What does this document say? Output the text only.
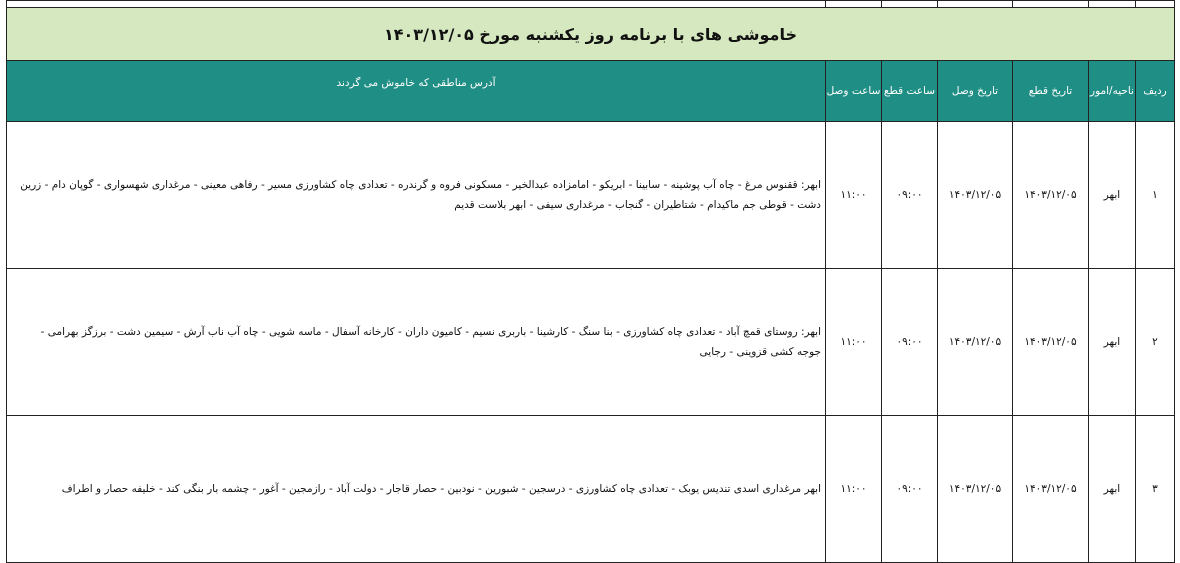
خاموشی های با برنامه روز یکشنبه مورخ ۱۴۰۳/۱۲/۰۵						
ردیف	ناحیه/امور	تاریخ قطع	تاریخ وصل	ساعت قطع	ساعت وصل	آدرس مناطقی که خاموش می گردند
۱	ابهر	۱۴۰۳/۱۲/۰۵	۱۴۰۳/۱۲/۰۵	۰۹:۰۰	۱۱:۰۰	ابهر: ققنوس مرغ - چاه آب پوشینه - سابینا - ابریکو - امامزاده عبدالخیر - مسکونی فروه و گرندره - تعدادی چاه کشاورزی مسیر - رفاهی معینی - مرغداری شهسواری - گوپان دام - زرین دشت - قوطی جم ماکیدام - شتاطیران - گنجاب - مرغداری سیفی - ابهر بلاست قدیم
۲	ابهر	۱۴۰۳/۱۲/۰۵	۱۴۰۳/۱۲/۰۵	۰۹:۰۰	۱۱:۰۰	ابهر: روستای قمچ آباد - تعدادی چاه کشاورزی - بنا سنگ - کارشینا - باربری نسیم - کامیون داران - کارخانه آسفال - ماسه شویی - چاه آب ناب آرش - سیمین دشت - برزگز بهرامی - جوجه کشی قزوینی - رجایی
۳	ابهر	۱۴۰۳/۱۲/۰۵	۱۴۰۳/۱۲/۰۵	۰۹:۰۰	۱۱:۰۰	ابهر مرغداری اسدی تندیس یوبک - تعدادی چاه کشاورزی - درسجین - شبورین - نودبین - حصار قاجار - دولت آباد - رازمجین - آغور - چشمه بار بنگی کند - خلیفه حصار و اطراف
